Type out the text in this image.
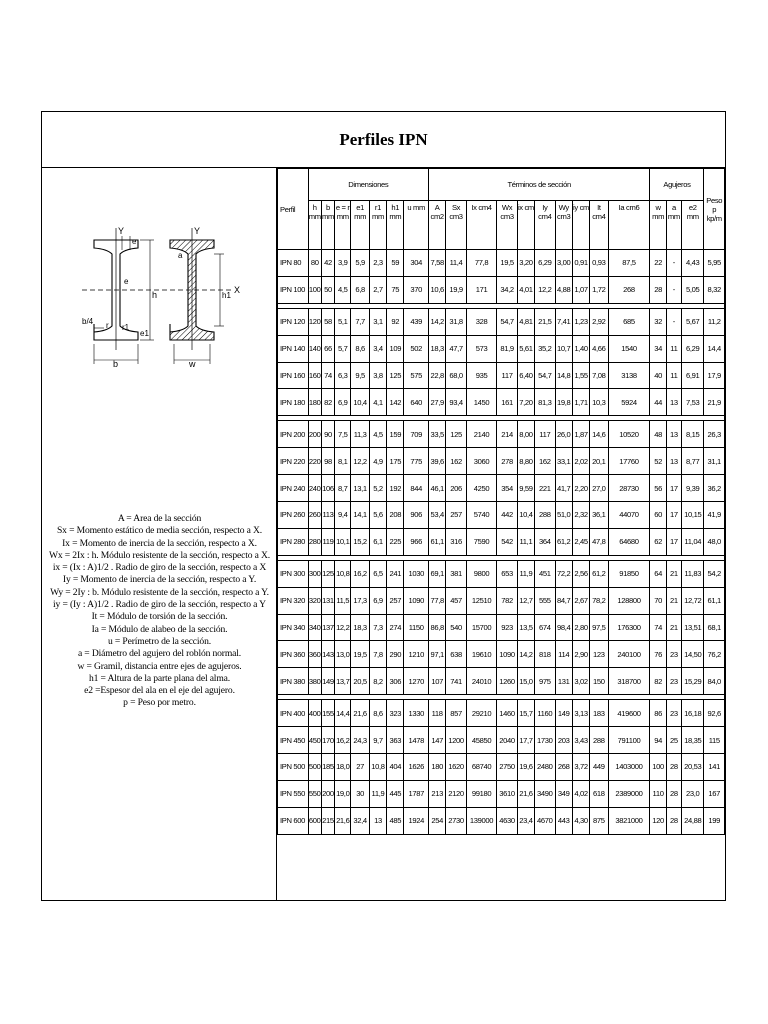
Perfiles IPN
Y	Y
e
e
a
h	h1
X
b/4 r r1
e1
b	w
A = Area de la sección
Sx = Momento estático de media sección, respecto a X.
Ix = Momento de inercia de la sección, respecto a X.
Wx = 2Ix : h. Módulo resistente de la sección, respecto a X.
ix = (Ix : A)1/2 . Radio de giro de la sección, respecto a X
Iy = Momento de inercia de la sección, respecto a Y.
Wy = 2Iy : b. Módulo resistente de la sección, respecto a Y.
iy = (Iy : A)1/2 . Radio de giro de la sección, respecto a Y
It = Módulo de torsión de la sección.
Ia = Módulo de alabeo de la sección.
u = Perímetro de la sección.
a = Diámetro del agujero del roblón normal.
w = Gramil, distancia entre ejes de agujeros.
h1 = Altura de la parte plana del alma.
e2 =Espesor del ala en el eje del agujero.
p = Peso por metro.
Perfil	Dimensiones							Términos de sección										Agujeros			Peso p kp/m
	h mm	b mm	e = r mm	e1 mm	r1 mm	h1 mm	u mm	A cm2	Sx cm3	Ix cm4	Wx cm3	ix cm	Iy cm4	Wy cm3	iy cm	It cm4	Ia cm6	w mm	a mm	e2 mm	
IPN 80	80	42	3,9	5,9	2,3	59	304	7,58	11,4	77,8	19,5	3,20	6,29	3,00	0,91	0,93	87,5	22	-	4,43	5,95
IPN 100	100	50	4,5	6,8	2,7	75	370	10,6	19,9	171	34,2	4,01	12,2	4,88	1,07	1,72	268	28	-	5,05	8,32

IPN 120	120	58	5,1	7,7	3,1	92	439	14,2	31,8	328	54,7	4,81	21,5	7,41	1,23	2,92	685	32	-	5,67	11,2
IPN 140	140	66	5,7	8,6	3,4	109	502	18,3	47,7	573	81,9	5,61	35,2	10,7	1,40	4,66	1540	34	11	6,29	14,4
IPN 160	160	74	6,3	9,5	3,8	125	575	22,8	68,0	935	117	6,40	54,7	14,8	1,55	7,08	3138	40	11	6,91	17,9
IPN 180	180	82	6,9	10,4	4,1	142	640	27,9	93,4	1450	161	7,20	81,3	19,8	1,71	10,3	5924	44	13	7,53	21,9

IPN 200	200	90	7,5	11,3	4,5	159	709	33,5	125	2140	214	8,00	117	26,0	1,87	14,6	10520	48	13	8,15	26,3
IPN 220	220	98	8,1	12,2	4,9	175	775	39,6	162	3060	278	8,80	162	33,1	2,02	20,1	17760	52	13	8,77	31,1
IPN 240	240	106	8,7	13,1	5,2	192	844	46,1	206	4250	354	9,59	221	41,7	2,20	27,0	28730	56	17	9,39	36,2
IPN 260	260	113	9,4	14,1	5,6	208	906	53,4	257	5740	442	10,4	288	51,0	2,32	36,1	44070	60	17	10,15	41,9
IPN 280	280	119	10,1	15,2	6,1	225	966	61,1	316	7590	542	11,1	364	61,2	2,45	47,8	64680	62	17	11,04	48,0

IPN 300	300	125	10,8	16,2	6,5	241	1030	69,1	381	9800	653	11,9	451	72,2	2,56	61,2	91850	64	21	11,83	54,2
IPN 320	320	131	11,5	17,3	6,9	257	1090	77,8	457	12510	782	12,7	555	84,7	2,67	78,2	128800	70	21	12,72	61,1
IPN 340	340	137	12,2	18,3	7,3	274	1150	86,8	540	15700	923	13,5	674	98,4	2,80	97,5	176300	74	21	13,51	68,1
IPN 360	360	143	13,0	19,5	7,8	290	1210	97,1	638	19610	1090	14,2	818	114	2,90	123	240100	76	23	14,50	76,2
IPN 380	380	149	13,7	20,5	8,2	306	1270	107	741	24010	1260	15,0	975	131	3,02	150	318700	82	23	15,29	84,0

IPN 400	400	155	14,4	21,6	8,6	323	1330	118	857	29210	1460	15,7	1160	149	3,13	183	419600	86	23	16,18	92,6
IPN 450	450	170	16,2	24,3	9,7	363	1478	147	1200	45850	2040	17,7	1730	203	3,43	288	791100	94	25	18,35	115
IPN 500	500	185	18,0	27	10,8	404	1626	180	1620	68740	2750	19,6	2480	268	3,72	449	1403000	100	28	20,53	141
IPN 550	550	200	19,0	30	11,9	445	1787	213	2120	99180	3610	21,6	3490	349	4,02	618	2389000	110	28	23,0	167
IPN 600	600	215	21,6	32,4	13	485	1924	254	2730	139000	4630	23,4	4670	443	4,30	875	3821000	120	28	24,88	199
